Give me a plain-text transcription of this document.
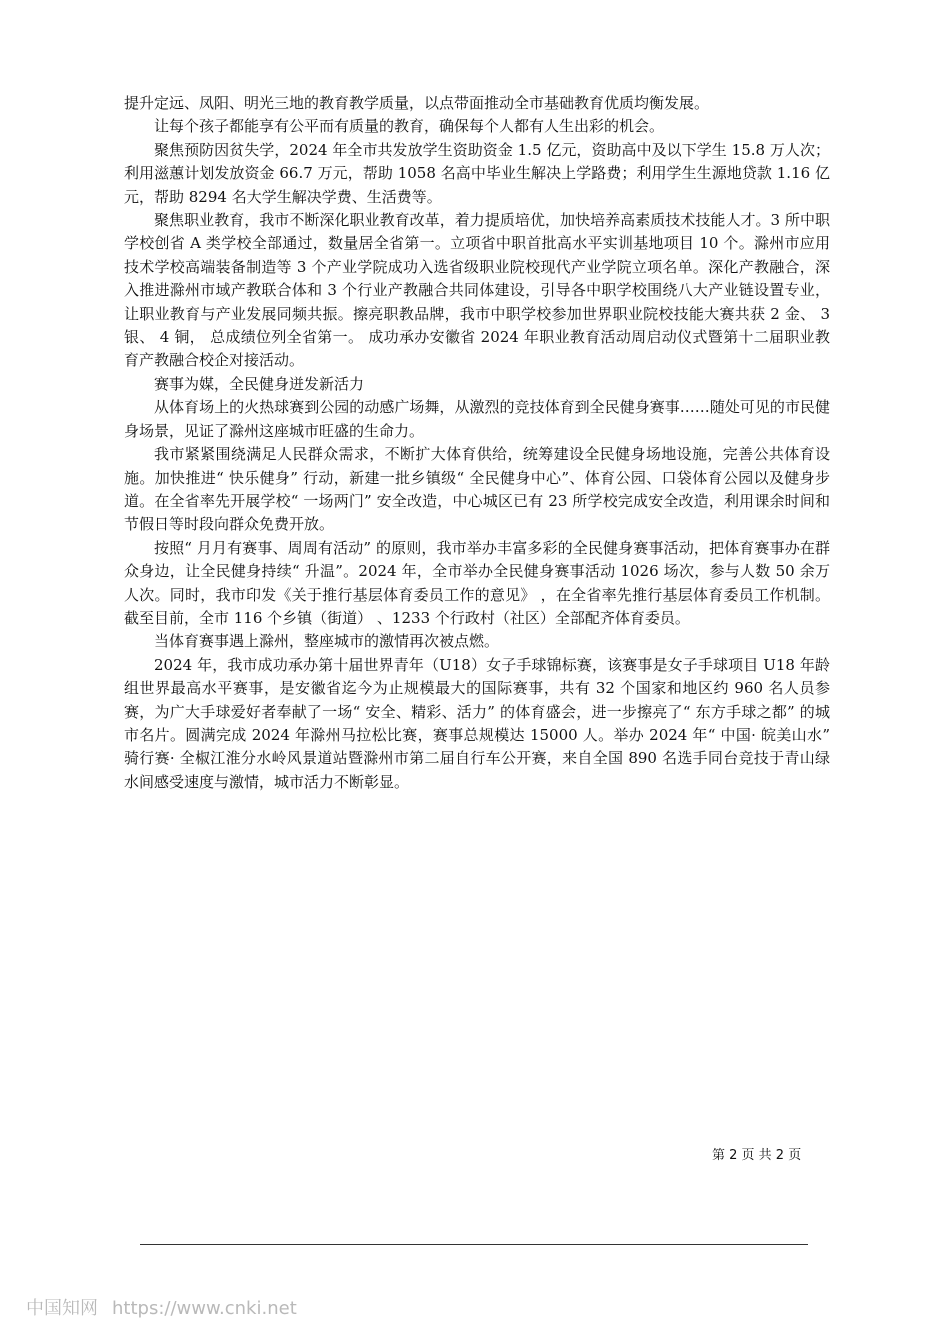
提升定远、凤阳、明光三地的教育教学质量，以点带面推动全市基础教育优质均衡发展。

让每个孩子都能享有公平而有质量的教育，确保每个人都有人生出彩的机会。

聚焦预防因贫失学，2024 年全市共发放学生资助资金 1.5 亿元，资助高中及以下学生 15.8 万人次；利用滋蕙计划发放资金 66.7 万元，帮助 1058 名高中毕业生解决上学路费；利用学生生源地贷款 1.16 亿元，帮助 8294 名大学生解决学费、生活费等。

聚焦职业教育，我市不断深化职业教育改革，着力提质培优，加快培养高素质技术技能人才。3 所中职学校创省 A 类学校全部通过，数量居全省第一。立项省中职首批高水平实训基地项目 10 个。滁州市应用技术学校高端装备制造等 3 个产业学院成功入选省级职业院校现代产业学院立项名单。深化产教融合，深入推进滁州市域产教联合体和 3 个行业产教融合共同体建设，引导各中职学校围绕八大产业链设置专业，让职业教育与产业发展同频共振。擦亮职教品牌，我市中职学校参加世界职业院校技能大赛共获 2 金、 3 银、 4 铜， 总成绩位列全省第一。 成功承办安徽省 2024 年职业教育活动周启动仪式暨第十二届职业教育产教融合校企对接活动。

赛事为媒，全民健身迸发新活力

从体育场上的火热球赛到公园的动感广场舞，从激烈的竞技体育到全民健身赛事……随处可见的市民健身场景，见证了滁州这座城市旺盛的生命力。

我市紧紧围绕满足人民群众需求，不断扩大体育供给，统筹建设全民健身场地设施，完善公共体育设施。加快推进“ 快乐健身” 行动，新建一批乡镇级“ 全民健身中心”、体育公园、口袋体育公园以及健身步道。在全省率先开展学校“ 一场两门” 安全改造，中心城区已有 23 所学校完成安全改造，利用课余时间和节假日等时段向群众免费开放。

按照“ 月月有赛事、周周有活动” 的原则，我市举办丰富多彩的全民健身赛事活动，把体育赛事办在群众身边，让全民健身持续“ 升温”。2024 年，全市举办全民健身赛事活动 1026 场次，参与人数 50 余万人次。同时，我市印发《关于推行基层体育委员工作的意见》 ，在全省率先推行基层体育委员工作机制。截至目前，全市 116 个乡镇（街道） 、1233 个行政村（社区）全部配齐体育委员。

当体育赛事遇上滁州，整座城市的激情再次被点燃。

2024 年，我市成功承办第十届世界青年（U18）女子手球锦标赛，该赛事是女子手球项目 U18 年龄组世界最高水平赛事，是安徽省迄今为止规模最大的国际赛事，共有 32 个国家和地区约 960 名人员参赛，为广大手球爱好者奉献了一场“ 安全、精彩、活力” 的体育盛会，进一步擦亮了“ 东方手球之都” 的城市名片。圆满完成 2024 年滁州马拉松比赛，赛事总规模达 15000 人。举办 2024 年“ 中国· 皖美山水” 骑行赛· 全椒江淮分水岭风景道站暨滁州市第二届自行车公开赛，来自全国 890 名选手同台竞技于青山绿水间感受速度与激情，城市活力不断彰显。

第 2 页 共 2 页
中国知网 https://www.cnki.net
